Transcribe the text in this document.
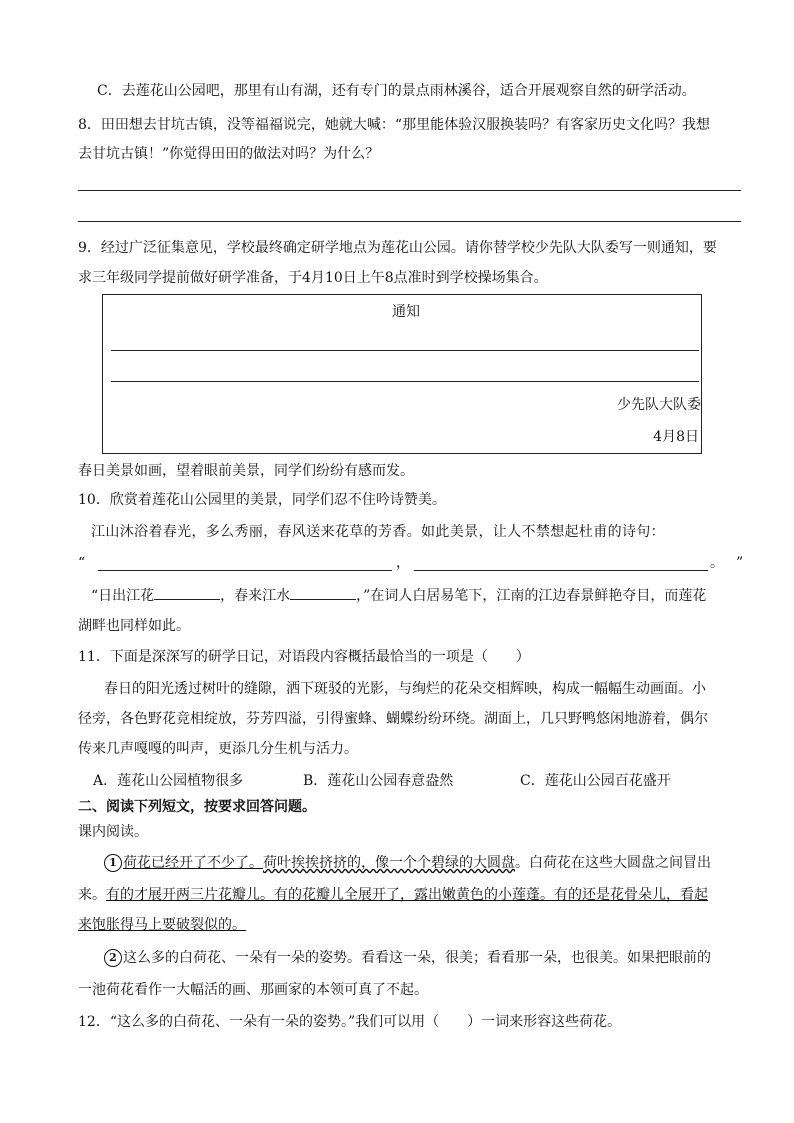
C．去莲花山公园吧，那里有山有湖，还有专门的景点雨林溪谷，适合开展观察自然的研学活动。
8．田田想去甘坑古镇，没等福福说完，她就大喊：“那里能体验汉服换装吗？有客家历史文化吗？我想
去甘坑古镇！”你觉得田田的做法对吗？为什么？
9．经过广泛征集意见，学校最终确定研学地点为莲花山公园。请你替学校少先队大队委写一则通知，要
求三年级同学提前做好研学准备，于4月10日上午8点准时到学校操场集合。
通知
少先队大队委
4月8日
春日美景如画，望着眼前美景，同学们纷纷有感而发。
10．欣赏着莲花山公园里的美景，同学们忍不住吟诗赞美。
江山沐浴着春光，多么秀丽，春风送来花草的芳香。如此美景，让人不禁想起杜甫的诗句：
“	，	。 ”
“日出江花	，春来江水	，”在词人白居易笔下，江南的江边春景鲜艳夺目，而莲花
湖畔也同样如此。
11．下面是深深写的研学日记，对语段内容概括最恰当的一项是（　　）
春日的阳光透过树叶的缝隙，洒下斑驳的光影，与绚烂的花朵交相辉映，构成一幅幅生动画面。小
径旁，各色野花竞相绽放，芬芳四溢，引得蜜蜂、蝴蝶纷纷环绕。湖面上，几只野鸭悠闲地游着，偶尔
传来几声嘎嘎的叫声，更添几分生机与活力。
A．莲花山公园植物很多	B．莲花山公园春意盎然	C．莲花山公园百花盛开
二、阅读下列短文，按要求回答问题。
课内阅读。
1 荷花已经开了不少了。荷叶挨挨挤挤的，像一个个碧绿的大圆盘。白荷花在这些大圆盘之间冒出
来。有的才展开两三片花瓣儿。有的花瓣儿全展开了，露出嫩黄色的小莲蓬。有的还是花骨朵儿，看起
来饱胀得马上要破裂似的。
2 这么多的白荷花、一朵有一朵的姿势。看看这一朵，很美；看看那一朵，也很美。如果把眼前的
一池荷花看作一大幅活的画、那画家的本领可真了不起。
12．“这么多的白荷花、一朵有一朵的姿势。”我们可以用（　　）一词来形容这些荷花。
